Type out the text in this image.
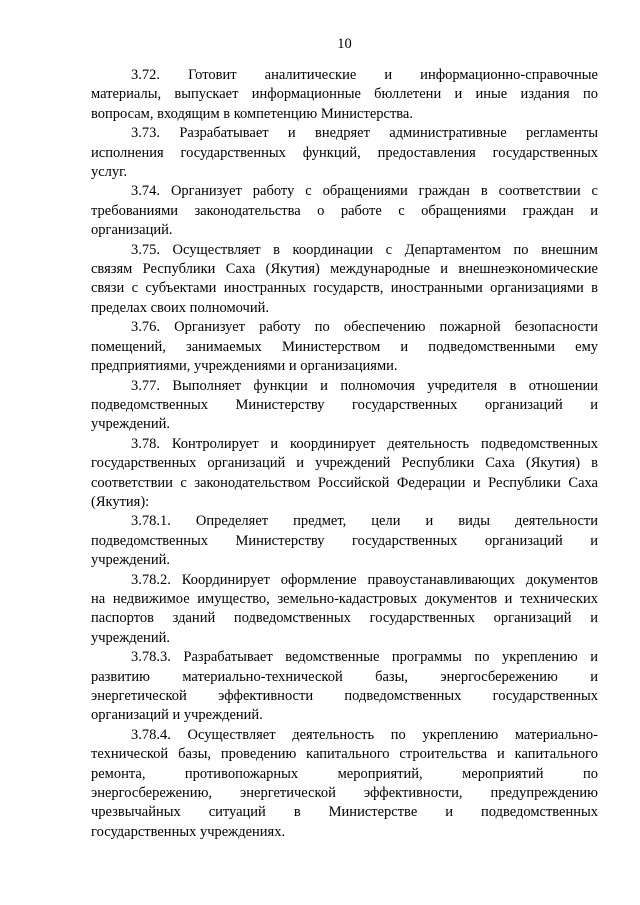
10
3.72. Готовит аналитические и информационно-справочные
материалы, выпускает информационные бюллетени и иные издания по
вопросам, входящим в компетенцию Министерства.
3.73. Разрабатывает и внедряет административные регламенты
исполнения государственных функций, предоставления государственных
услуг.
3.74. Организует работу с обращениями граждан в соответствии с
требованиями законодательства о работе с обращениями граждан и
организаций.
3.75. Осуществляет в координации с Департаментом по внешним
связям Республики Саха (Якутия) международные и внешнеэкономические
связи с субъектами иностранных государств, иностранными организациями в
пределах своих полномочий.
3.76. Организует работу по обеспечению пожарной безопасности
помещений, занимаемых Министерством и подведомственными ему
предприятиями, учреждениями и организациями.
3.77. Выполняет функции и полномочия учредителя в отношении
подведомственных Министерству государственных организаций и
учреждений.
3.78. Контролирует и координирует деятельность подведомственных
государственных организаций и учреждений Республики Саха (Якутия) в
соответствии с законодательством Российской Федерации и Республики Саха
(Якутия):
3.78.1. Определяет предмет, цели и виды деятельности
подведомственных Министерству государственных организаций и
учреждений.
3.78.2. Координирует оформление правоустанавливающих документов
на недвижимое имущество, земельно-кадастровых документов и технических
паспортов зданий подведомственных государственных организаций и
учреждений.
3.78.3. Разрабатывает ведомственные программы по укреплению и
развитию материально-технической базы, энергосбережению и
энергетической эффективности подведомственных государственных
организаций и учреждений.
3.78.4. Осуществляет деятельность по укреплению материально-
технической базы, проведению капитального строительства и капитального
ремонта, противопожарных мероприятий, мероприятий по
энергосбережению, энергетической эффективности, предупреждению
чрезвычайных ситуаций в Министерстве и подведомственных
государственных учреждениях.
